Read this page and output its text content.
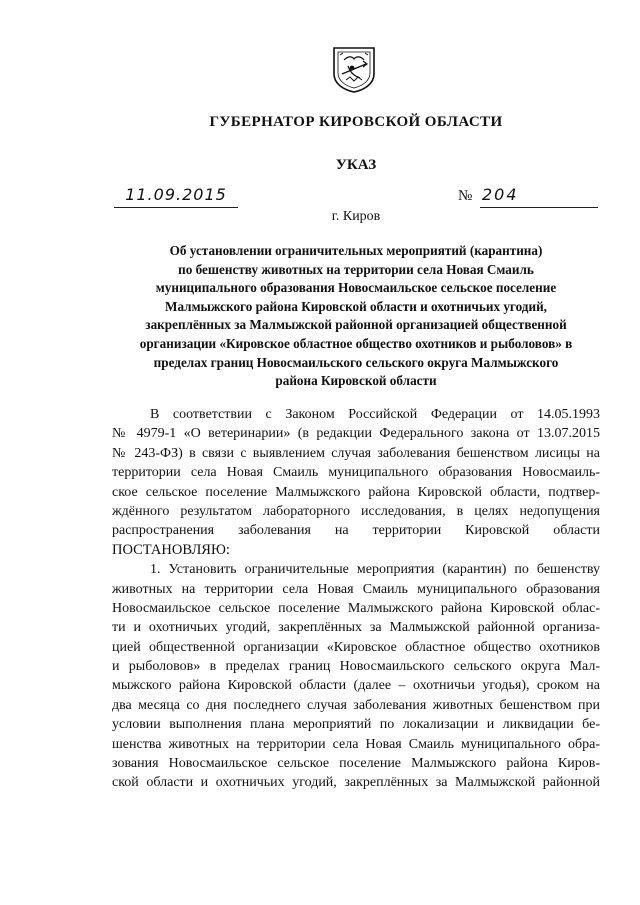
ГУБЕРНАТОР КИРОВСКОЙ ОБЛАСТИ
УКАЗ
11.09.2015	№ 204
г. Киров
Об установлении ограничительных мероприятий (карантина)
по бешенству животных на территории села Новая Смаиль
муниципального образования Новосмаильское сельское поселение
Малмыжского района Кировской области и охотничьих угодий,
закреплённых за Малмыжской районной организацией общественной
организации «Кировское областное общество охотников и рыболовов» в
пределах границ Новосмаильского сельского округа Малмыжского
района Кировской области
В соответствии с Законом Российской Федерации от 14.05.1993
№ 4979-1 «О ветеринарии» (в редакции Федерального закона от 13.07.2015
№ 243-ФЗ) в связи с выявлением случая заболевания бешенством лисицы на
территории села Новая Смаиль муниципального образования Новосмаиль-
ское сельское поселение Малмыжского района Кировской области, подтвер-
ждённого результатом лабораторного исследования, в целях недопущения
распространения заболевания на территории Кировской области
ПОСТАНОВЛЯЮ:
1. Установить ограничительные мероприятия (карантин) по бешенству
животных на территории села Новая Смаиль муниципального образования
Новосмаильское сельское поселение Малмыжского района Кировской облас-
ти и охотничьих угодий, закреплённых за Малмыжской районной организа-
цией общественной организации «Кировское областное общество охотников
и рыболовов» в пределах границ Новосмаильского сельского округа Мал-
мыжского района Кировской области (далее – охотничьи угодья), сроком на
два месяца со дня последнего случая заболевания животных бешенством при
условии выполнения плана мероприятий по локализации и ликвидации бе-
шенства животных на территории села Новая Смаиль муниципального обра-
зования Новосмаильское сельское поселение Малмыжского района Киров-
ской области и охотничьих угодий, закреплённых за Малмыжской районной
